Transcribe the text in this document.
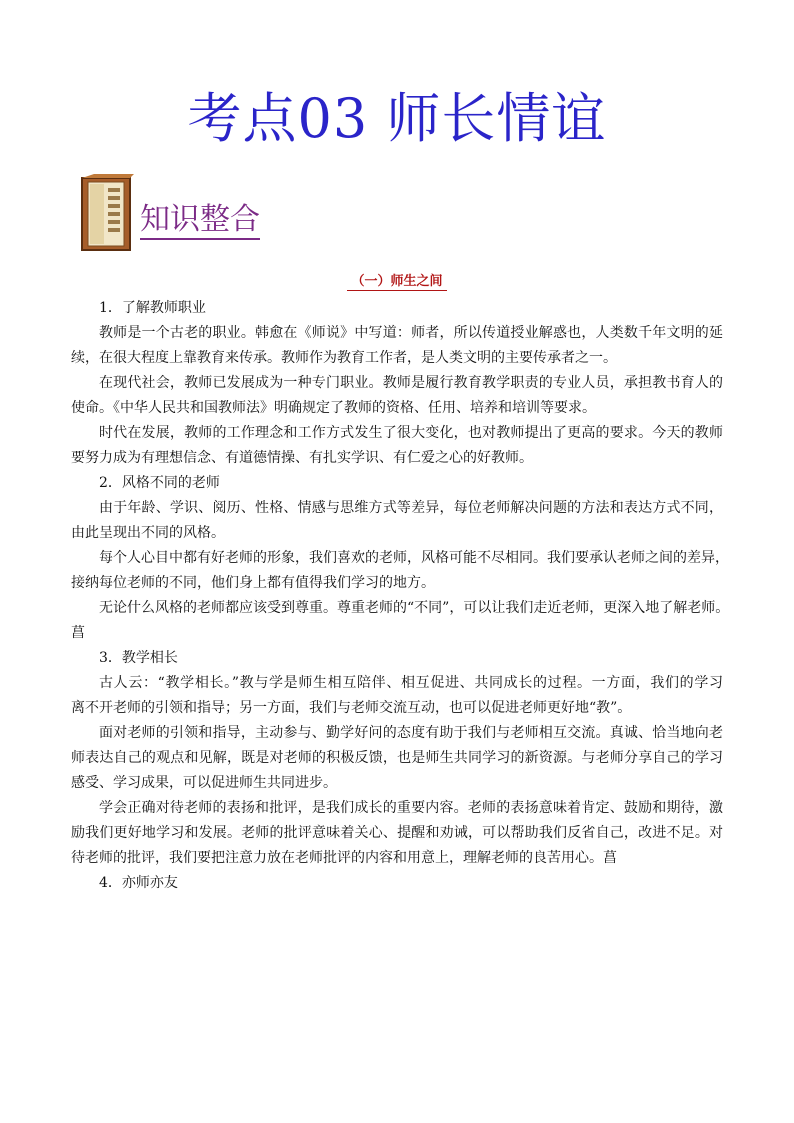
考点03 师长情谊
知识整合
（一）师生之间
1．了解教师职业
教师是一个古老的职业。韩愈在《师说》中写道：师者，所以传道授业解惑也，人类数千年文明的延
续，在很大程度上靠教育来传承。教师作为教育工作者，是人类文明的主要传承者之一。
在现代社会，教师已发展成为一种专门职业。教师是履行教育教学职责的专业人员，承担教书育人的
使命。《中华人民共和国教师法》明确规定了教师的资格、任用、培养和培训等要求。
时代在发展，教师的工作理念和工作方式发生了很大变化，也对教师提出了更高的要求。今天的教师
要努力成为有理想信念、有道德情操、有扎实学识、有仁爱之心的好教师。
2．风格不同的老师
由于年龄、学识、阅历、性格、情感与思维方式等差异，每位老师解决问题的方法和表达方式不同，
由此呈现出不同的风格。
每个人心目中都有好老师的形象，我们喜欢的老师，风格可能不尽相同。我们要承认老师之间的差异，
接纳每位老师的不同，他们身上都有值得我们学习的地方。
无论什么风格的老师都应该受到尊重。尊重老师的“不同”，可以让我们走近老师，更深入地了解老师。
菖
3．教学相长
古人云：“教学相长。”教与学是师生相互陪伴、相互促进、共同成长的过程。一方面，我们的学习
离不开老师的引领和指导；另一方面，我们与老师交流互动，也可以促进老师更好地“教”。
面对老师的引领和指导，主动参与、勤学好问的态度有助于我们与老师相互交流。真诚、恰当地向老
师表达自己的观点和见解，既是对老师的积极反馈，也是师生共同学习的新资源。与老师分享自己的学习
感受、学习成果，可以促进师生共同进步。
学会正确对待老师的表扬和批评，是我们成长的重要内容。老师的表扬意味着肯定、鼓励和期待，激
励我们更好地学习和发展。老师的批评意味着关心、提醒和劝诫，可以帮助我们反省自己，改进不足。对
待老师的批评，我们要把注意力放在老师批评的内容和用意上，理解老师的良苦用心。菖
4．亦师亦友
